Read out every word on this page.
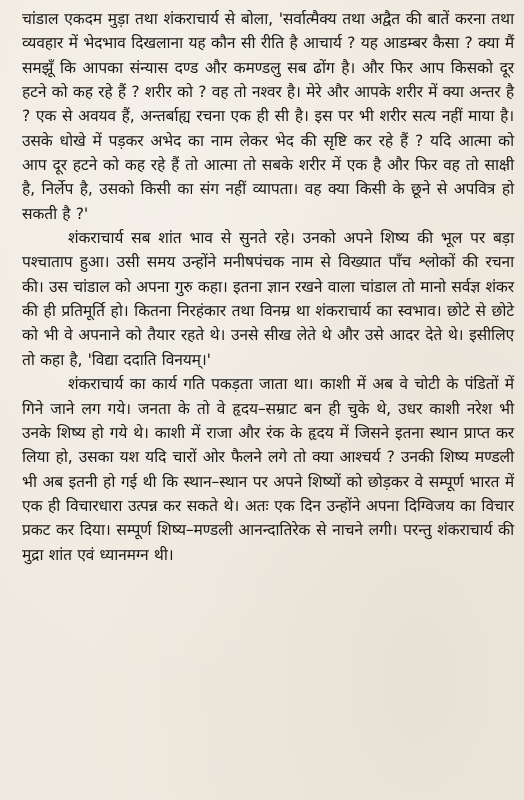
चांडाल एकदम मुड़ा तथा शंकराचार्य से बोला, 'सर्वात्मैक्य तथा अद्वैत की बातें करना तथा व्यवहार में भेदभाव दिखलाना यह कौन सी रीति है आचार्य ? यह आडम्बर कैसा ? क्या मैं समझूँ कि आपका संन्यास दण्ड और कमण्डलु सब ढोंग है। और फिर आप किसको दूर हटने को कह रहे हैं ? शरीर को ? वह तो नश्वर है। मेरे और आपके शरीर में क्या अन्तर है ? एक से अवयव हैं, अन्तर्बाह्य रचना एक ही सी है। इस पर भी शरीर सत्य नहीं माया है। उसके धोखे में पड़कर अभेद का नाम लेकर भेद की सृष्टि कर रहे हैं ? यदि आत्मा को आप दूर हटने को कह रहे हैं तो आत्मा तो सबके शरीर में एक है और फिर वह तो साक्षी है, निर्लेप है, उसको किसी का संग नहीं व्यापता। वह क्या किसी के छूने से अपवित्र हो सकती है ?'

शंकराचार्य सब शांत भाव से सुनते रहे। उनको अपने शिष्य की भूल पर बड़ा पश्चाताप हुआ। उसी समय उन्होंने मनीषपंचक नाम से विख्यात पाँच श्लोकों की रचना की। उस चांडाल को अपना गुरु कहा। इतना ज्ञान रखने वाला चांडाल तो मानो सर्वज्ञ शंकर की ही प्रतिमूर्ति हो। कितना निरहंकार तथा विनम्र था शंकराचार्य का स्वभाव। छोटे से छोटे को भी वे अपनाने को तैयार रहते थे। उनसे सीख लेते थे और उसे आदर देते थे। इसीलिए तो कहा है, 'विद्या ददाति विनयम्।'

शंकराचार्य का कार्य गति पकड़ता जाता था। काशी में अब वे चोटी के पंडितों में गिने जाने लग गये। जनता के तो वे हृदय–सम्राट बन ही चुके थे, उधर काशी नरेश भी उनके शिष्य हो गये थे। काशी में राजा और रंक के हृदय में जिसने इतना स्थान प्राप्त कर लिया हो, उसका यश यदि चारों ओर फैलने लगे तो क्या आश्चर्य ? उनकी शिष्य मण्डली भी अब इतनी हो गई थी कि स्थान–स्थान पर अपने शिष्यों को छोड़कर वे सम्पूर्ण भारत में एक ही विचारधारा उत्पन्न कर सकते थे। अतः एक दिन उन्होंने अपना दिग्विजय का विचार प्रकट कर दिया। सम्पूर्ण शिष्य–मण्डली आनन्दातिरेक से नाचने लगी। परन्तु शंकराचार्य की मुद्रा शांत एवं ध्यानमग्न थी।
